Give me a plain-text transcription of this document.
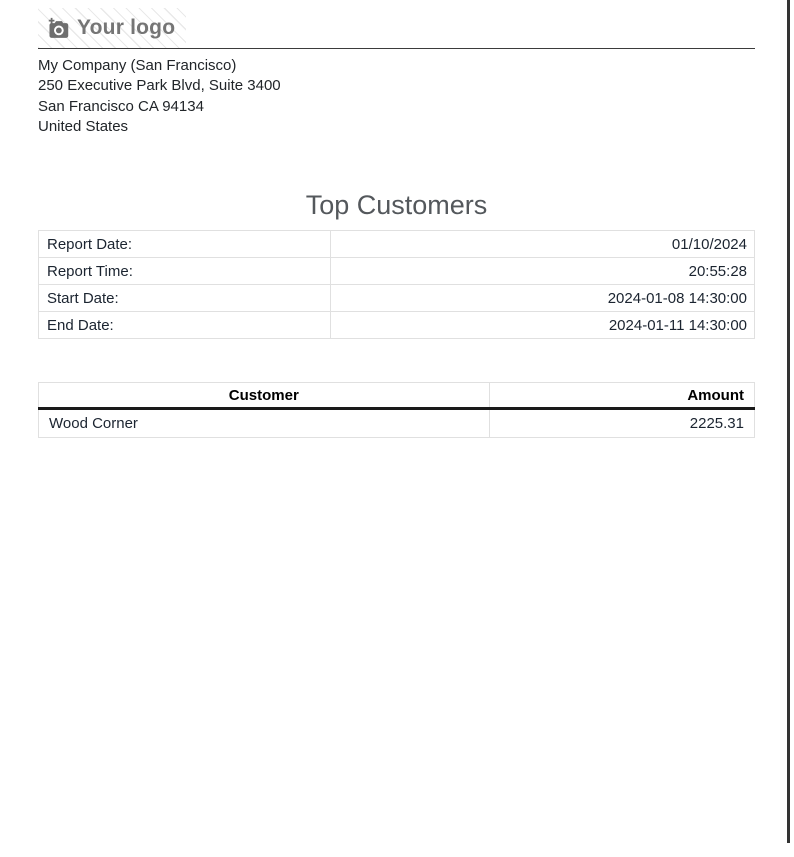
Your logo
My Company (San Francisco)
250 Executive Park Blvd, Suite 3400
San Francisco CA 94134
United States
Top Customers
Report Date:	01/10/2024
Report Time:	20:55:28
Start Date:	2024-01-08 14:30:00
End Date:	2024-01-11 14:30:00
Customer	Amount
Wood Corner	2225.31
